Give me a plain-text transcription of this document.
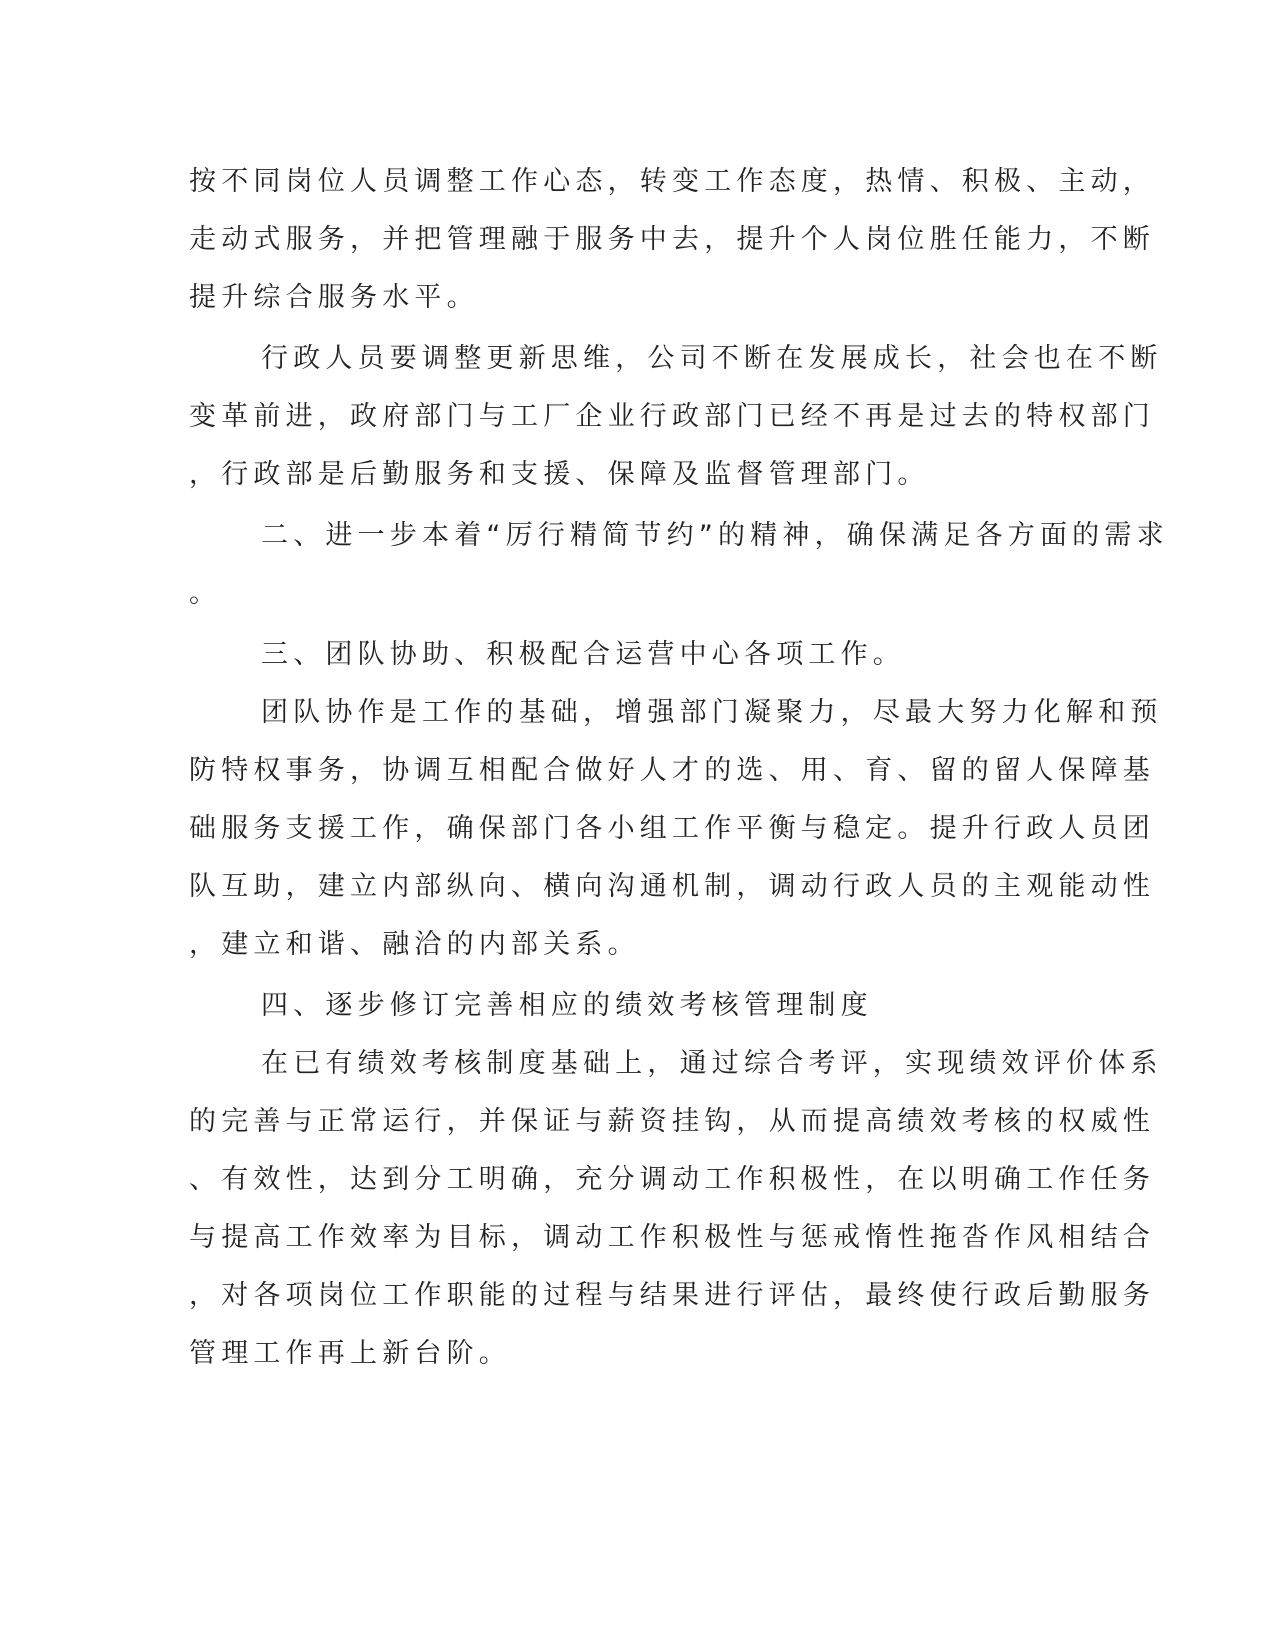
按不同岗位人员调整工作心态，转变工作态度，热情、积极、主动，

走动式服务，并把管理融于服务中去，提升个人岗位胜任能力，不断

提升综合服务水平。

行政人员要调整更新思维，公司不断在发展成长，社会也在不断

变革前进，政府部门与工厂企业行政部门已经不再是过去的特权部门

，行政部是后勤服务和支援、保障及监督管理部门。

二、进一步本着“厉行精简节约”的精神，确保满足各方面的需求

。

三、团队协助、积极配合运营中心各项工作。

团队协作是工作的基础，增强部门凝聚力，尽最大努力化解和预

防特权事务，协调互相配合做好人才的选、用、育、留的留人保障基

础服务支援工作，确保部门各小组工作平衡与稳定。提升行政人员团

队互助，建立内部纵向、横向沟通机制，调动行政人员的主观能动性

，建立和谐、融洽的内部关系。

四、逐步修订完善相应的绩效考核管理制度

在已有绩效考核制度基础上，通过综合考评，实现绩效评价体系

的完善与正常运行，并保证与薪资挂钩，从而提高绩效考核的权威性

、有效性，达到分工明确，充分调动工作积极性，在以明确工作任务

与提高工作效率为目标，调动工作积极性与惩戒惰性拖沓作风相结合

，对各项岗位工作职能的过程与结果进行评估，最终使行政后勤服务

管理工作再上新台阶。
